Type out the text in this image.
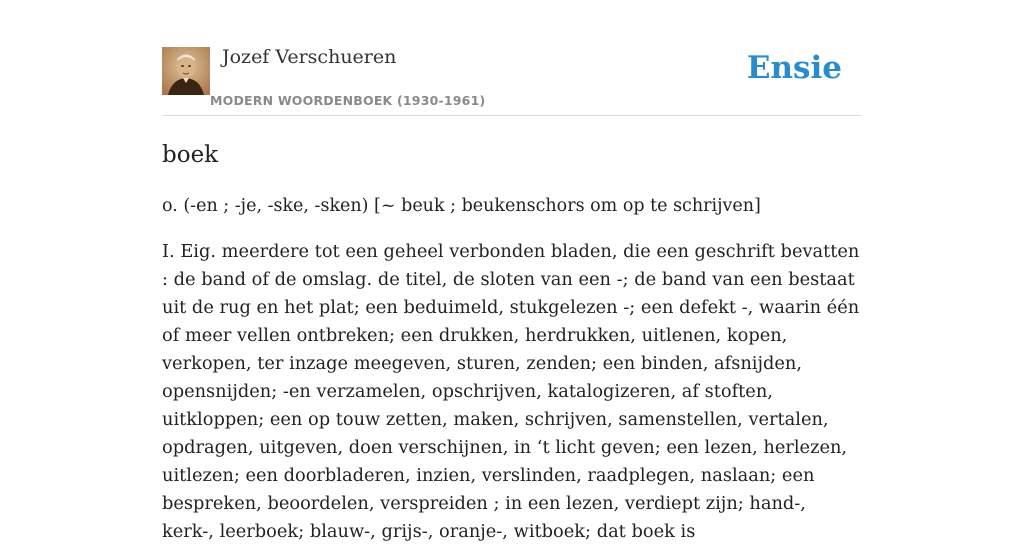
Jozef Verschueren
MODERN WOORDENBOEK (1930-1961)
Ensie
boek

o. (-en ; -je, -ske, -sken) [~ beuk ; beukenschors om op te schrijven]

I. Eig. meerdere tot een geheel verbonden bladen, die een geschrift bevatten : de band of de omslag. de titel, de sloten van een -; de band van een bestaat uit de rug en het plat; een beduimeld, stukgelezen -; een defekt -, waarin één of meer vellen ontbreken; een drukken, herdrukken, uitlenen, kopen, verkopen, ter inzage meegeven, sturen, zenden; een binden, afsnijden, opensnijden; -en verzamelen, opschrijven, katalogizeren, af stoften, uitkloppen; een op touw zetten, maken, schrijven, samenstellen, vertalen, opdragen, uitgeven, doen verschijnen, in ‘t licht geven; een lezen, herlezen, uitlezen; een doorbladeren, inzien, verslinden, raadplegen, naslaan; een bespreken, beoordelen, verspreiden ; in een lezen, verdiept zijn; hand-, kerk-, leerboek; blauw-, grijs-, oranje-, witboek; dat boek is
